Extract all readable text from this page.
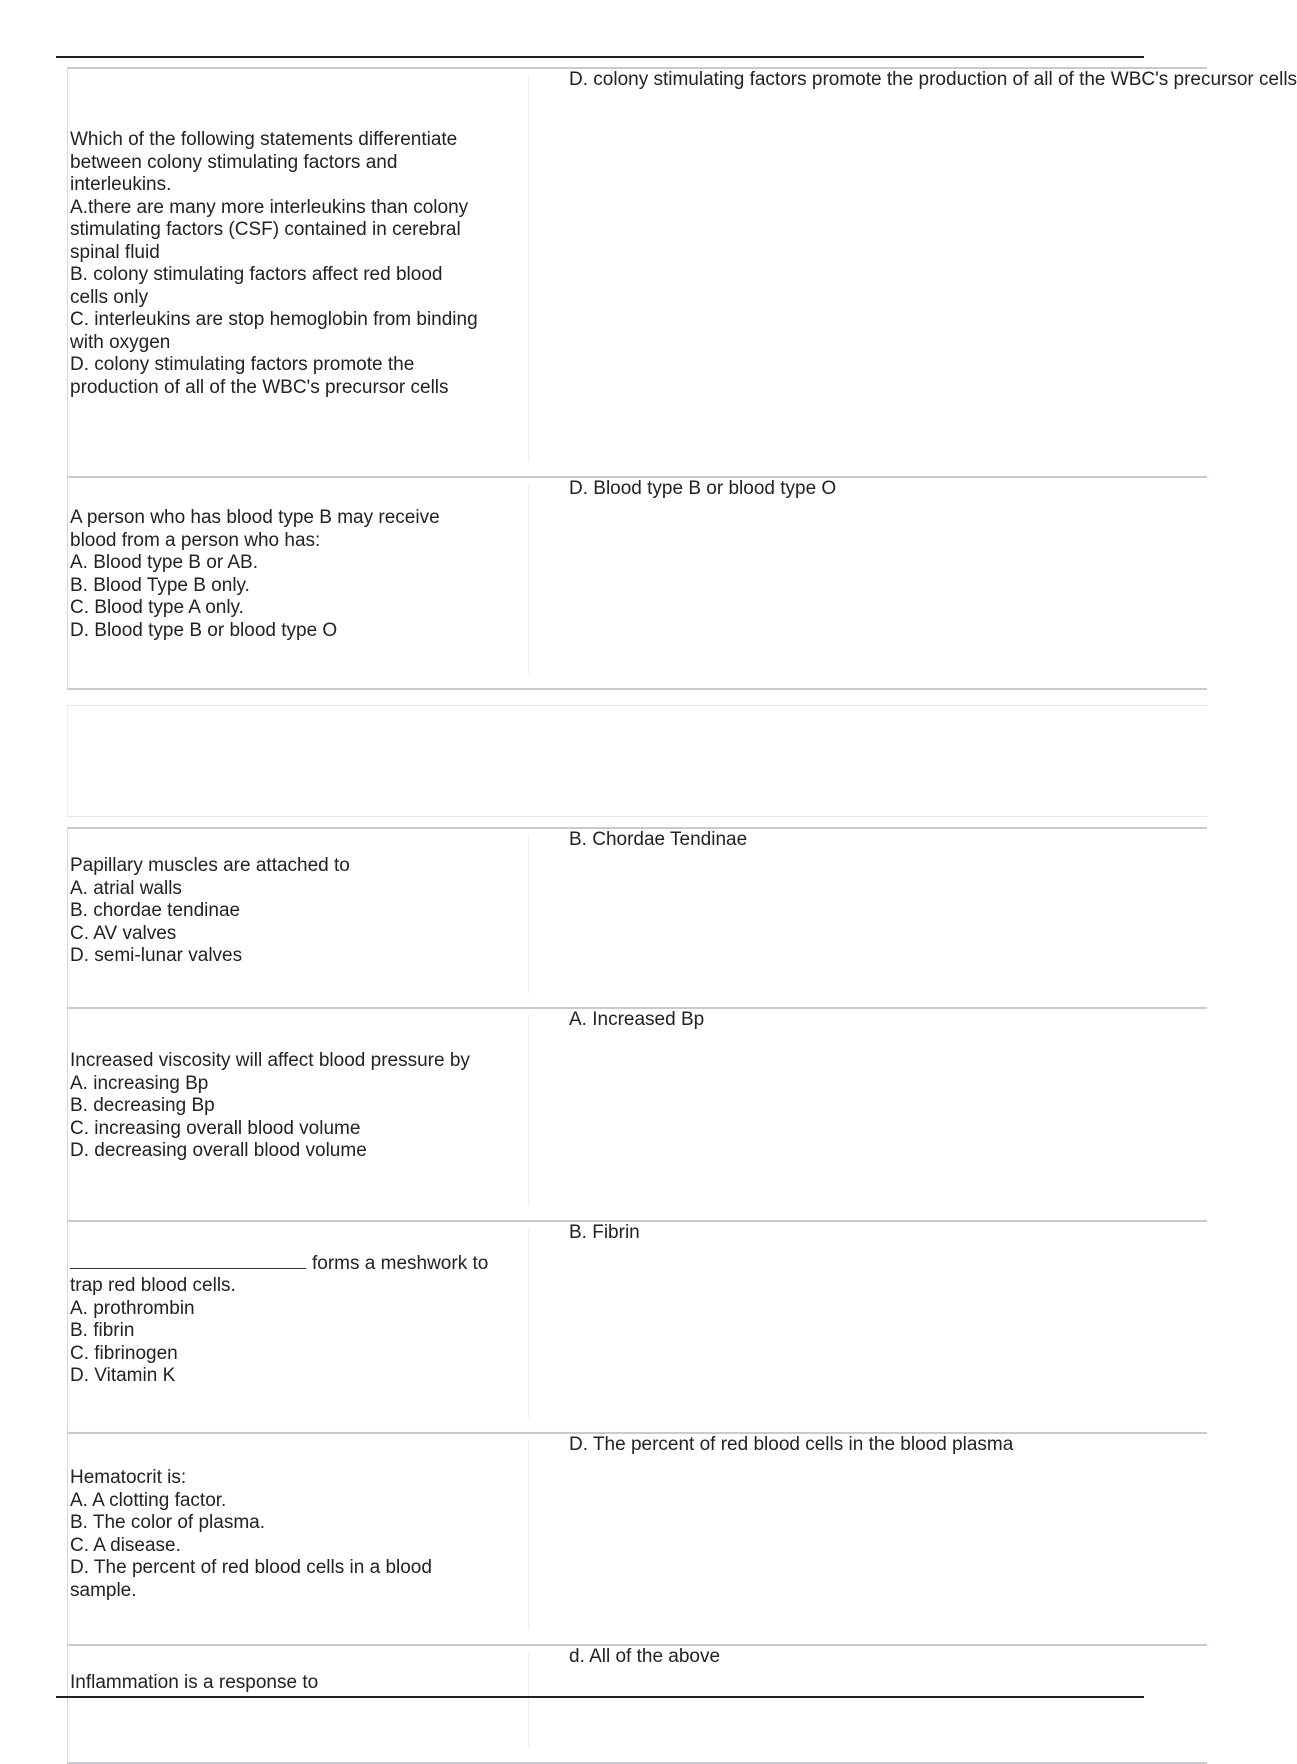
Which of the following statements differentiate
between colony stimulating factors and
interleukins.
A.there are many more interleukins than colony
stimulating factors (CSF) contained in cerebral
spinal fluid
B. colony stimulating factors affect red blood
cells only
C. interleukins are stop hemoglobin from binding
with oxygen
D. colony stimulating factors promote the
production of all of the WBC's precursor cells
D. colony stimulating factors promote the production of all of the WBC's precursor cells
A person who has blood type B may receive
blood from a person who has:
A. Blood type B or AB.
B. Blood Type B only.
C. Blood type A only.
D. Blood type B or blood type O
D. Blood type B or blood type O
Papillary muscles are attached to
A. atrial walls
B. chordae tendinae
C. AV valves
D. semi-lunar valves
B. Chordae Tendinae
Increased viscosity will affect blood pressure by
A. increasing Bp
B. decreasing Bp
C. increasing overall blood volume
D. decreasing overall blood volume
A. Increased Bp
forms a meshwork to
trap red blood cells.
A. prothrombin
B. fibrin
C. fibrinogen
D. Vitamin K
B. Fibrin
Hematocrit is:
A. A clotting factor.
B. The color of plasma.
C. A disease.
D. The percent of red blood cells in a blood
sample.
D. The percent of red blood cells in the blood plasma
Inflammation is a response to
d. All of the above
